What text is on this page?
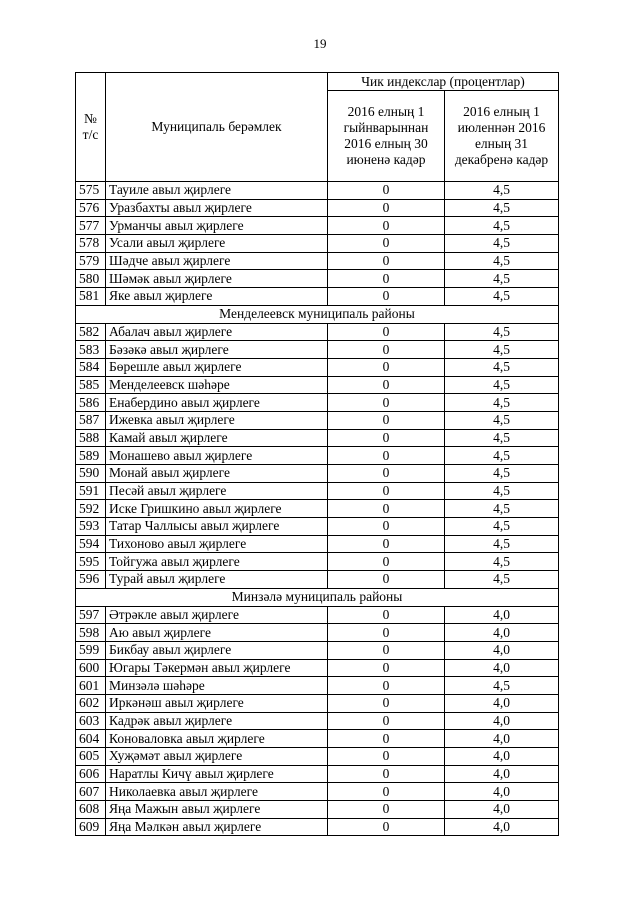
19
№
т/с	Муниципаль берәмлек	Чик индекслар (процентлар)	
		2016 елның 1 гыйнварыннан 2016 елның 30 июненә кадәр	2016 елның 1 июленнән 2016 елның 31 декабренә кадәр
575	Тауиле авыл җирлеге	0	4,5
576	Уразбахты авыл җирлеге	0	4,5
577	Урманчы авыл җирлеге	0	4,5
578	Усали авыл җирлеге	0	4,5
579	Шәдче авыл җирлеге	0	4,5
580	Шәмәк авыл җирлеге	0	4,5
581	Яке авыл җирлеге	0	4,5
Менделеевск муниципаль районы			
582	Абалач авыл җирлеге	0	4,5
583	Бәзәкә авыл җирлеге	0	4,5
584	Бөрешле авыл җирлеге	0	4,5
585	Менделеевск шәһәре	0	4,5
586	Енабердино авыл җирлеге	0	4,5
587	Ижевка авыл җирлеге	0	4,5
588	Камай авыл җирлеге	0	4,5
589	Монашево авыл җирлеге	0	4,5
590	Монай авыл җирлеге	0	4,5
591	Песәй авыл җирлеге	0	4,5
592	Иске Гришкино авыл җирлеге	0	4,5
593	Татар Чаллысы авыл җирлеге	0	4,5
594	Тихоново авыл җирлеге	0	4,5
595	Тойгужа авыл җирлеге	0	4,5
596	Турай авыл җирлеге	0	4,5
Минзәлә муниципаль районы			
597	Әтрәкле авыл җирлеге	0	4,0
598	Аю авыл җирлеге	0	4,0
599	Бикбау авыл җирлеге	0	4,0
600	Югары Тәкермән авыл җирлеге	0	4,0
601	Минзәлә шәһәре	0	4,5
602	Иркәнәш авыл җирлеге	0	4,0
603	Кадрәк авыл җирлеге	0	4,0
604	Коноваловка авыл җирлеге	0	4,0
605	Хуҗәмәт авыл җирлеге	0	4,0
606	Наратлы Кичү авыл җирлеге	0	4,0
607	Николаевка авыл җирлеге	0	4,0
608	Яңа Мажын авыл җирлеге	0	4,0
609	Яңа Мәлкән авыл җирлеге	0	4,0
